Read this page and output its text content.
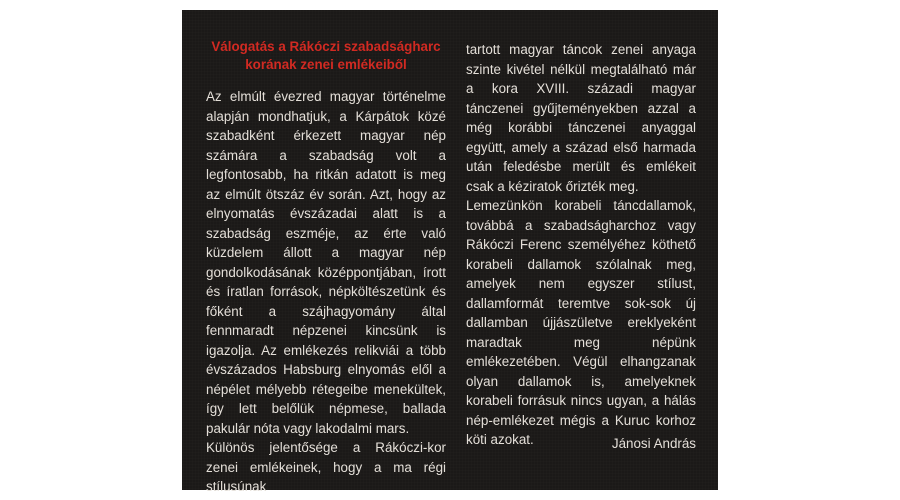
Válogatás a Rákóczi szabadságharc korának zenei emlékeiből

Az elmúlt évezred magyar történelme alapján mondhatjuk, a Kárpátok közé szabadként érkezett magyar nép számára a szabadság volt a legfontosabb, ha ritkán adatott is meg az elmúlt ötszáz év során. Azt, hogy az elnyomatás évszázadai alatt is a szabadság eszméje, az érte való küzdelem állott a magyar nép gondolkodásának középpontjában, írott és íratlan források, népköltészetünk és főként a szájhagyomány által fennmaradt népzenei kincsünk is igazolja. Az emlékezés relikviái a több évszázados Habsburg elnyomás elől a népélet mélyebb rétegeibe menekültek, így lett belőlük népmese, ballada pakulár nóta vagy lakodalmi mars.

Különös jelentősége a Rákóczi-kor zenei emlékeinek, hogy a ma régi stílusúnak

tartott magyar táncok zenei anyaga szinte kivétel nélkül megtalálható már a kora XVIII. századi magyar tánczenei gyűjteményekben azzal a még korábbi tánczenei anyaggal együtt, amely a század első harmada után feledésbe merült és emlékeit csak a kéziratok őrizték meg.

Lemezünkön korabeli táncdallamok, továbbá a szabadságharchoz vagy Rákóczi Ferenc személyéhez köthető korabeli dallamok szólalnak meg, amelyek nem egyszer stílust, dallamformát teremtve sok-sok új dallamban újjászületve ereklyeként maradtak meg népünk emlékezetében. Végül elhangzanak olyan dallamok is, amelyeknek korabeli forrásuk nincs ugyan, a hálás nép-emlékezet mégis a Kuruc korhoz köti azokat.	Jánosi András
